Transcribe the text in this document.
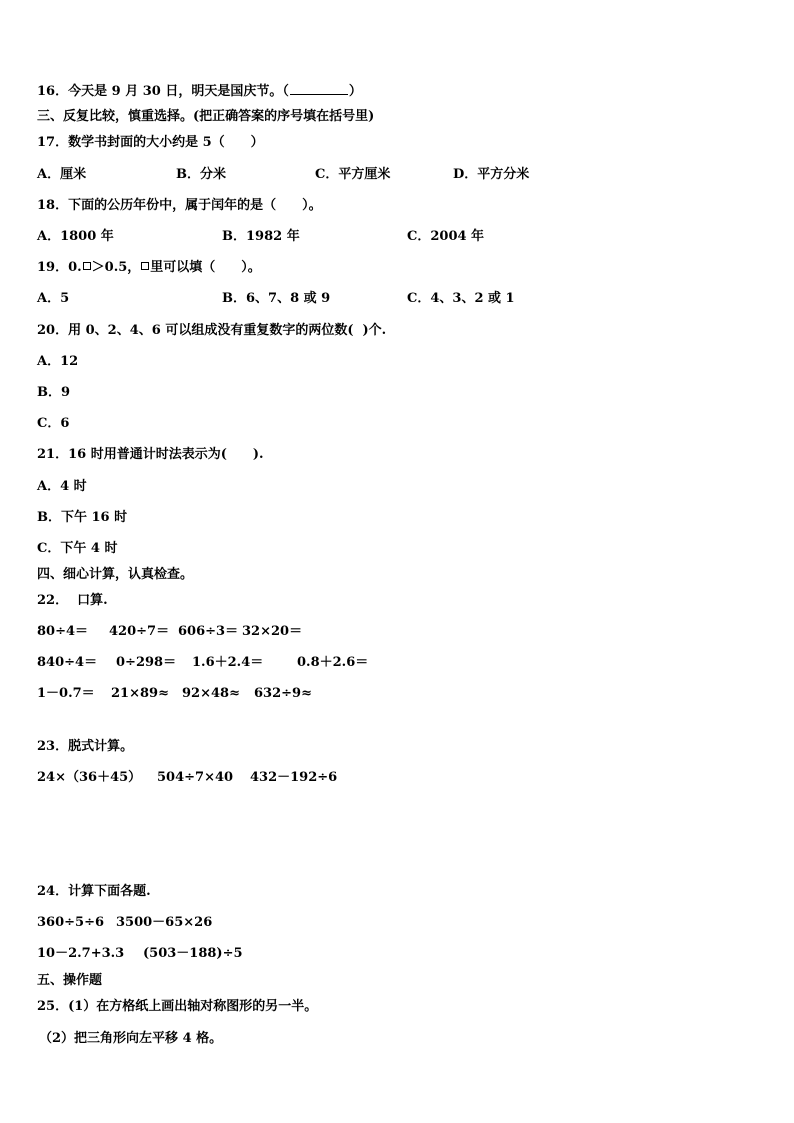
16．今天是 9 月 30 日，明天是国庆节。（	）
三、反复比较，慎重选择。(把正确答案的序号填在括号里)
17．数学书封面的大小约是 5（　　）
A．厘米	B．分米	C．平方厘米	D．平方分米
18．下面的公历年份中，属于闰年的是（　　）。
A．1800 年	B．1982 年	C．2004 年
19．0. ＞0.5， 里可以填（　　）。
A．5	B．6、7、8 或 9	C．4、3、2 或 1
20．用 0、2、4、6 可以组成没有重复数字的两位数(  )个.
A．12
B．9
C．6
21．16 时用普通计时法表示为(　　).
A．4 时
B．下午 16 时
C．下午 4 时
四、细心计算，认真检查。
22．  口算.
80÷4＝ 420÷7＝ 606÷3＝ 32×20＝
840÷4＝ 0÷298＝ 1.6＋2.4＝	0.8＋2.6＝
1－0.7＝ 21×89≈ 92×48≈ 632÷9≈
23．脱式计算。
24×（36＋45） 504÷7×40 432－192÷6
24．计算下面各题.
360÷5÷6 3500－65×26
10－2.7+3.3 (503－188)÷5
五、操作题
25．(1）在方格纸上画出轴对称图形的另一半。
（2）把三角形向左平移 4 格。
